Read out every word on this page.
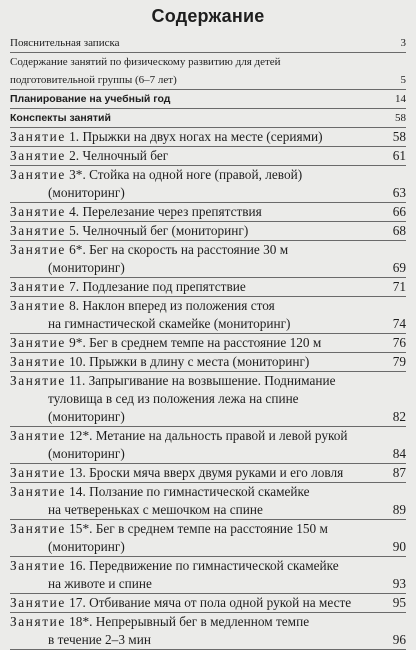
Содержание
Пояснительная записка	3
Содержание занятий по физическому развитию для детей
подготовительной группы (6–7 лет)	5
Планирование на учебный год	14
Конспекты занятий	58
Занятие 1. Прыжки на двух ногах на месте (сериями)	58
Занятие 2. Челночный бег	61
Занятие 3*. Стойка на одной ноге (правой, левой)
(мониторинг)	63
Занятие 4. Перелезание через препятствия	66
Занятие 5. Челночный бег (мониторинг)	68
Занятие 6*. Бег на скорость на расстояние 30 м
(мониторинг)	69
Занятие 7. Подлезание под препятствие	71
Занятие 8. Наклон вперед из положения стоя
на гимнастической скамейке (мониторинг)	74
Занятие 9*. Бег в среднем темпе на расстояние 120 м	76
Занятие 10. Прыжки в длину с места (мониторинг)	79
Занятие 11. Запрыгивание на возвышение. Поднимание
туловища в сед из положения лежа на спине (мониторинг)	82
Занятие 12*. Метание на дальность правой и левой рукой
(мониторинг)	84
Занятие 13. Броски мяча вверх двумя руками и его ловля	87
Занятие 14. Ползание по гимнастической скамейке
на четвереньках с мешочком на спине	89
Занятие 15*. Бег в среднем темпе на расстояние 150 м
(мониторинг)	90
Занятие 16. Передвижение по гимнастической скамейке
на животе и спине	93
Занятие 17. Отбивание мяча от пола одной рукой на месте	95
Занятие 18*. Непрерывный бег в медленном темпе
в течение 2–3 мин	96
